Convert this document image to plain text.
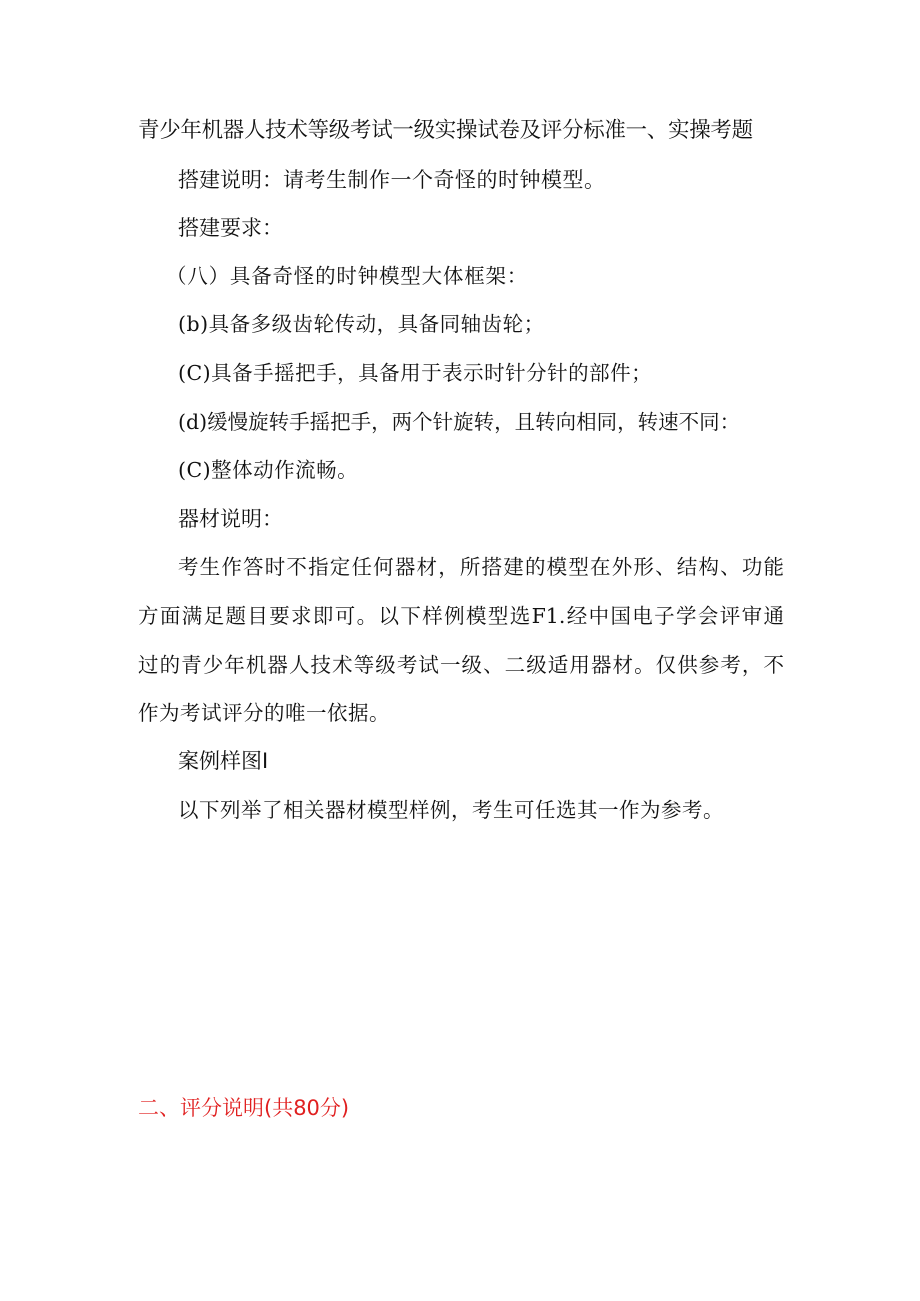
青少年机器人技术等级考试一级实操试卷及评分标准一、实操考题
搭建说明：请考生制作一个奇怪的时钟模型。
搭建要求：
（八）具备奇怪的时钟模型大体框架：
(b)具备多级齿轮传动，具备同轴齿轮；
(C)具备手摇把手，具备用于表示时针分针的部件；
(d)缓慢旋转手摇把手，两个针旋转，且转向相同，转速不同：
(C)整体动作流畅。
器材说明：
考生作答时不指定任何器材，所搭建的模型在外形、结构、功能
方面满足题目要求即可。以下样例模型选F1.经中国电子学会评审通
过的青少年机器人技术等级考试一级、二级适用器材。仅供参考，不
作为考试评分的唯一依据。
案例样图I
以下列举了相关器材模型样例，考生可任选其一作为参考。
二、评分说明(共80分)
